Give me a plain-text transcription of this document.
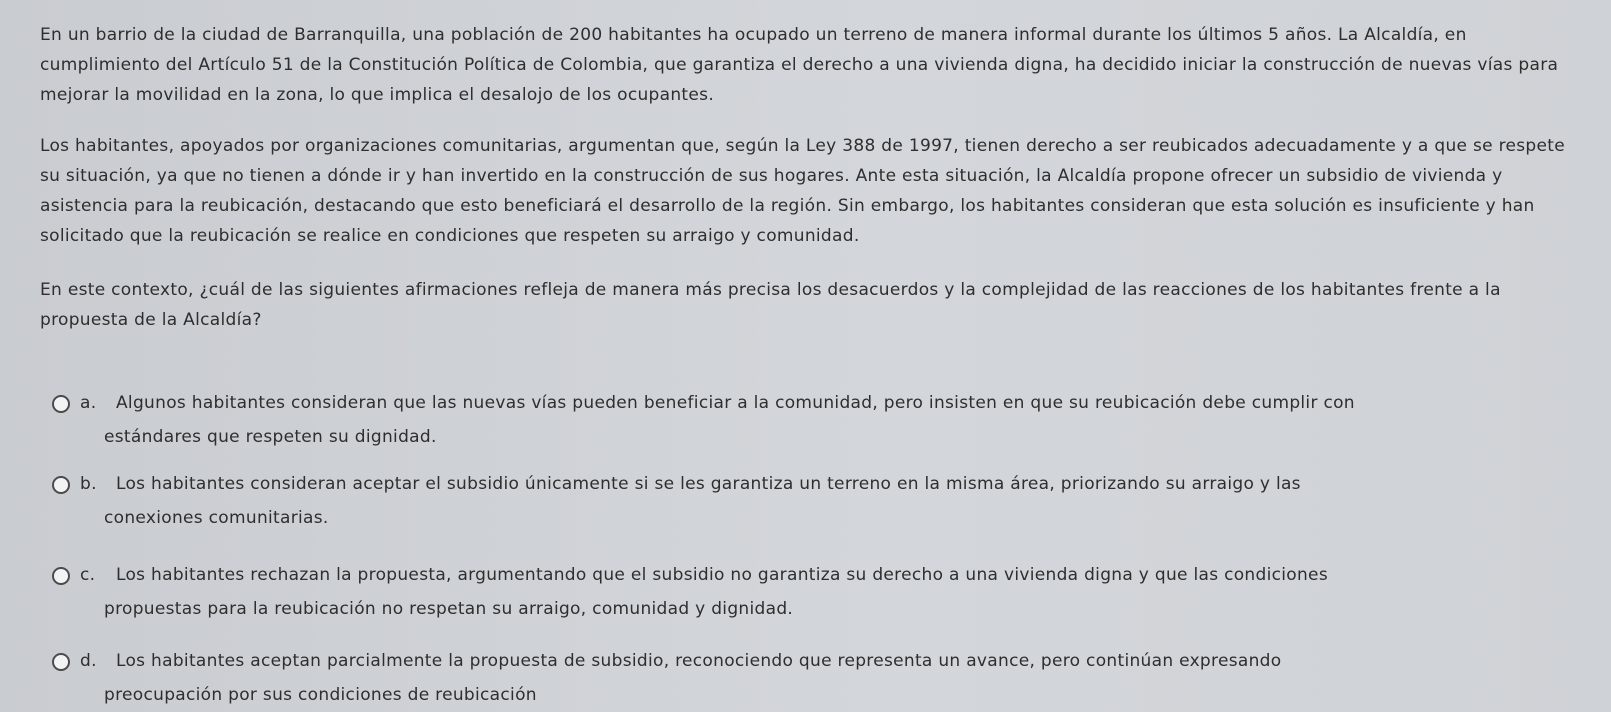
En un barrio de la ciudad de Barranquilla, una población de 200 habitantes ha ocupado un terreno de manera informal durante los últimos 5 años. La Alcaldía, en cumplimiento del Artículo 51 de la Constitución Política de Colombia, que garantiza el derecho a una vivienda digna, ha decidido iniciar la construcción de nuevas vías para mejorar la movilidad en la zona, lo que implica el desalojo de los ocupantes.
Los habitantes, apoyados por organizaciones comunitarias, argumentan que, según la Ley 388 de 1997, tienen derecho a ser reubicados adecuadamente y a que se respete su situación, ya que no tienen a dónde ir y han invertido en la construcción de sus hogares. Ante esta situación, la Alcaldía propone ofrecer un subsidio de vivienda y asistencia para la reubicación, destacando que esto beneficiará el desarrollo de la región. Sin embargo, los habitantes consideran que esta solución es insuficiente y han solicitado que la reubicación se realice en condiciones que respeten su arraigo y comunidad.
En este contexto, ¿cuál de las siguientes afirmaciones refleja de manera más precisa los desacuerdos y la complejidad de las reacciones de los habitantes frente a la propuesta de la Alcaldía?
a.	Algunos habitantes consideran que las nuevas vías pueden beneficiar a la comunidad, pero insisten en que su reubicación debe cumplir con
estándares que respeten su dignidad.
b.	Los habitantes consideran aceptar el subsidio únicamente si se les garantiza un terreno en la misma área, priorizando su arraigo y las
conexiones comunitarias.
c.	Los habitantes rechazan la propuesta, argumentando que el subsidio no garantiza su derecho a una vivienda digna y que las condiciones
propuestas para la reubicación no respetan su arraigo, comunidad y dignidad.
d.	Los habitantes aceptan parcialmente la propuesta de subsidio, reconociendo que representa un avance, pero continúan expresando
preocupación por sus condiciones de reubicación
